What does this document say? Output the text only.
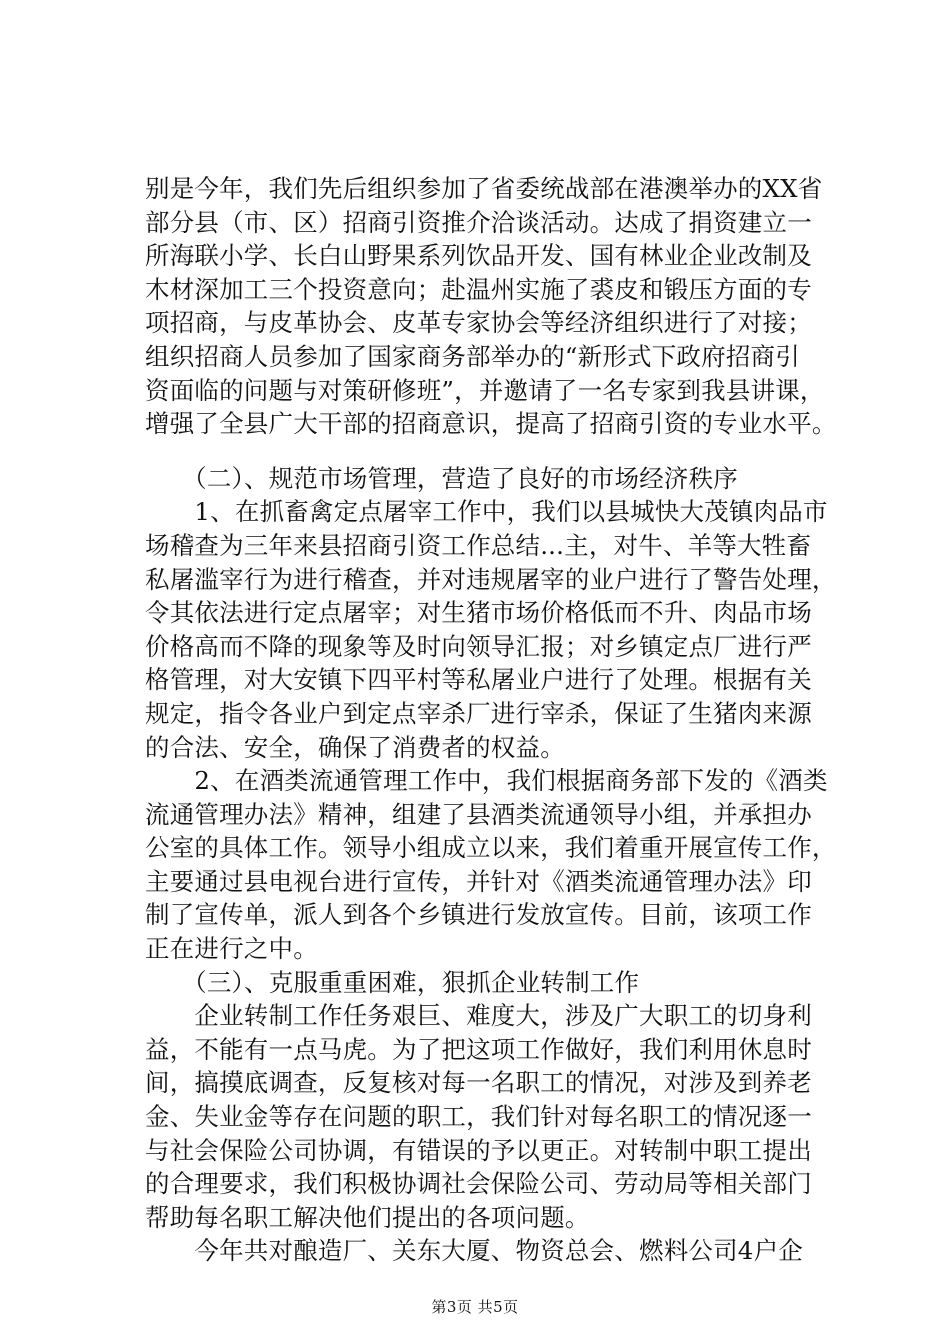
别是今年，我们先后组织参加了省委统战部在港澳举办的XX省
部分县（市、区）招商引资推介洽谈活动。达成了捐资建立一
所海联小学、长白山野果系列饮品开发、国有林业企业改制及
木材深加工三个投资意向；赴温州实施了裘皮和锻压方面的专
项招商，与皮革协会、皮革专家协会等经济组织进行了对接；
组织招商人员参加了国家商务部举办的“新形式下政府招商引
资面临的问题与对策研修班”，并邀请了一名专家到我县讲课，
增强了全县广大干部的招商意识，提高了招商引资的专业水平。
　　（二）、规范市场管理，营造了良好的市场经济秩序
　　1、在抓畜禽定点屠宰工作中，我们以县城快大茂镇肉品市
场稽查为三年来县招商引资工作总结...主，对牛、羊等大牲畜
私屠滥宰行为进行稽查，并对违规屠宰的业户进行了警告处理，
令其依法进行定点屠宰；对生猪市场价格低而不升、肉品市场
价格高而不降的现象等及时向领导汇报；对乡镇定点厂进行严
格管理，对大安镇下四平村等私屠业户进行了处理。根据有关
规定，指令各业户到定点宰杀厂进行宰杀，保证了生猪肉来源
的合法、安全，确保了消费者的权益。
　　2、在酒类流通管理工作中，我们根据商务部下发的《酒类
流通管理办法》精神，组建了县酒类流通领导小组，并承担办
公室的具体工作。领导小组成立以来，我们着重开展宣传工作，
主要通过县电视台进行宣传，并针对《酒类流通管理办法》印
制了宣传单，派人到各个乡镇进行发放宣传。目前，该项工作
正在进行之中。
　　（三）、克服重重困难，狠抓企业转制工作
　　企业转制工作任务艰巨、难度大，涉及广大职工的切身利
益，不能有一点马虎。为了把这项工作做好，我们利用休息时
间，搞摸底调查，反复核对每一名职工的情况，对涉及到养老
金、失业金等存在问题的职工，我们针对每名职工的情况逐一
与社会保险公司协调，有错误的予以更正。对转制中职工提出
的合理要求，我们积极协调社会保险公司、劳动局等相关部门
帮助每名职工解决他们提出的各项问题。
　　今年共对酿造厂、关东大厦、物资总会、燃料公司4户企
第3页 共5页
